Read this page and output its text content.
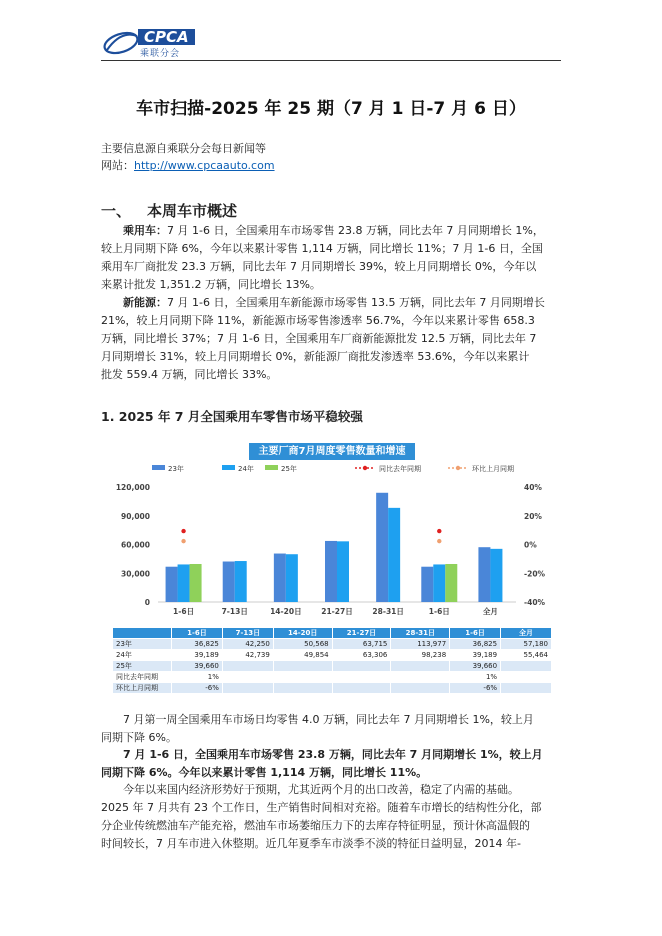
CPCA
乘联分会
车市扫描-2025 年 25 期（7 月 1 日-7 月 6 日）
主要信息源自乘联分会每日新闻等
网站：http://www.cpcaauto.com
一、 本周车市概述
乘用车：7 月 1-6 日，全国乘用车市场零售 23.8 万辆，同比去年 7 月同期增长 1%，
较上月同期下降 6%，今年以来累计零售 1,114 万辆，同比增长 11%；7 月 1-6 日，全国
乘用车厂商批发 23.3 万辆，同比去年 7 月同期增长 39%，较上月同期增长 0%，今年以
来累计批发 1,351.2 万辆，同比增长 13%。
新能源：7 月 1-6 日，全国乘用车新能源市场零售 13.5 万辆，同比去年 7 月同期增长
21%，较上月同期下降 11%，新能源市场零售渗透率 56.7%，今年以来累计零售 658.3
万辆，同比增长 37%；7 月 1-6 日，全国乘用车厂商新能源批发 12.5 万辆，同比去年 7
月同期增长 31%，较上月同期增长 0%，新能源厂商批发渗透率 53.6%，今年以来累计
批发 559.4 万辆，同比增长 33%。
1. 2025 年 7 月全国乘用车零售市场平稳较强
主要厂商7月周度零售数量和增速
23年	24年	25年	同比去年同期	环比上月同期
0
30,000
60,000
90,000
120,000
-40%
-20%
0%
20%
40%
1-6日	7-13日	14-20日	21-27日	28-31日	1-6日	全月
	1-6日	7-13日	14-20日	21-27日	28-31日	1-6日	全月
23年	36,825	42,250	50,568	63,715	113,977	36,825	57,180
24年	39,189	42,739	49,854	63,306	98,238	39,189	55,464
25年	39,660					39,660	
同比去年同期	1%					1%	
环比上月同期	-6%					-6%	
7 月第一周全国乘用车市场日均零售 4.0 万辆，同比去年 7 月同期增长 1%，较上月
同期下降 6%。
7 月 1-6 日，全国乘用车市场零售 23.8 万辆，同比去年 7 月同期增长 1%，较上月
同期下降 6%。今年以来累计零售 1,114 万辆，同比增长 11%。
今年以来国内经济形势好于预期，尤其近两个月的出口改善，稳定了内需的基础。
2025 年 7 月共有 23 个工作日，生产销售时间相对充裕。随着车市增长的结构性分化，部
分企业传统燃油车产能充裕，燃油车市场萎缩压力下的去库存特征明显，预计休高温假的
时间较长，7 月车市进入休整期。近几年夏季车市淡季不淡的特征日益明显，2014 年-
